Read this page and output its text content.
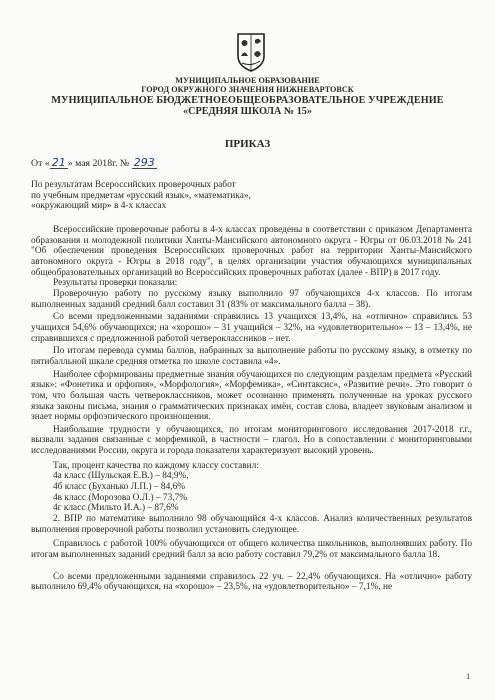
МУНИЦИПАЛЬНОЕ ОБРАЗОВАНИЕ
ГОРОД ОКРУЖНОГО ЗНАЧЕНИЯ НИЖНЕВАРТОВСК
МУНИЦИПАЛЬНОЕ БЮДЖЕТНОЕОБЩЕОБРАЗОВАТЕЛЬНОЕ УЧРЕЖДЕНИЕ
«СРЕДНЯЯ ШКОЛА № 15»
ПРИКАЗ
От « 21 » мая 2018г. № 293
По результатам Всероссийских проверочных работ
по учебным предметам «русский язык», «математика»,
«окружающий мир» в 4-х классах

Всероссийские проверочные работы в 4-х классах проведены в соответствии с приказом Департамента образования и молодежной политики Ханты-Мансийского автономного округа - Югры от 06.03.2018 № 241 "Об обеспечении проведения Всероссийских проверочных работ на территории Ханты-Мансийского автономного округа - Югры в 2018 году", в целях организации участия обучающихся муниципальных общеобразовательных организаций во Всероссийских проверочных работах (далее - ВПР) в 2017 году.

Результаты проверки показали:

Проверочную работу по русскому языку выполнило 97 обучающихся 4-х классов. По итогам выполненных заданий средний балл составил 31 (83% от максимального балла – 38).

Со всеми предложенными заданиями справились 13 учащихся 13,4%, на «отлично» справились 53 учащихся 54,6% обучающихся; на «хорошо» – 31 учащийся – 32%, на «удовлетворительно» – 13 – 13,4%, не справившихся с предложенной работой четвероклассников – нет.

По итогам перевода суммы баллов, набранных за выполнение работы по русскому языку, в отметку по пятибалльной шкале средняя отметка по школе составила «4».

Наиболее сформированы предметные знания обучающихся по следующим разделам предмета «Русский язык»: «Фонетика и орфопия», «Морфология», «Морфемика», «Синтаксис», «Развитие речи». Это говорит о том, что большая часть четвероклассников, может осознанно применять полученные на уроках русского языка законы письма, знания о грамматических признаках имён, состав слова, владеет звуковым анализом и знает нормы орфоэпического произношения.

Наибольшие трудности у обучающихся, по итогам мониторингового исследования 2017-2018 г.г., вызвали задания связанные с морфемикой, в частности – глагол. Но в сопоставлении с мониторинговыми исследованиями России, округа и города показатели характеризуют высокий уровень.

Так, процент качества по каждому классу составил:

4а класс (Шульская Е.В.) – 84,9%,

4б класс (Буханько Л.П.) – 84,6%

4в класс (Морозова О.Л.) – 73,7%

4г класс (Мильто И.А.) – 87,6%

2. ВПР по математике выполнило 98 обучающийся 4-х классов. Анализ количественных результатов выполнения проверочной работы позволил установить следующее.

Справилось с работой 100% обучающихся от общего количества школьников, выполнявших работу. По итогам выполненных заданий средний балл за всю работу составил 79,2% от максимального балла 18.

Со всеми предложенными заданиями справилось 22 уч. – 22,4% обучающихся. На «отлично» работу выполнило 69,4% обучающихся, на «хорошо» – 23,5%, на «удовлетворительно» – 7,1%, не

1
